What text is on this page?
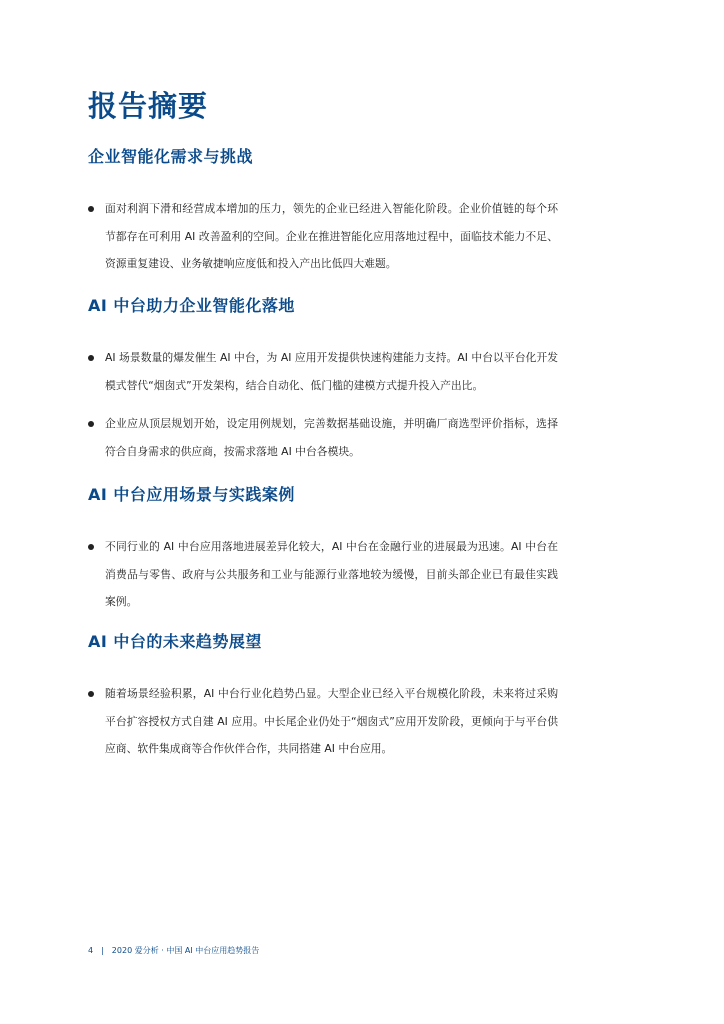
报告摘要
企业智能化需求与挑战
面对利润下滑和经营成本增加的压力，领先的企业已经进入智能化阶段。企业价值链的每个环节都存在可利用 AI 改善盈利的空间。企业在推进智能化应用落地过程中，面临技术能力不足、资源重复建设、业务敏捷响应度低和投入产出比低四大难题。
AI 中台助力企业智能化落地
AI 场景数量的爆发催生 AI 中台，为 AI 应用开发提供快速构建能力支持。AI 中台以平台化开发模式替代“烟囱式”开发架构，结合自动化、低门槛的建模方式提升投入产出比。
企业应从顶层规划开始，设定用例规划，完善数据基础设施，并明确厂商选型评价指标，选择符合自身需求的供应商，按需求落地 AI 中台各模块。
AI 中台应用场景与实践案例
不同行业的 AI 中台应用落地进展差异化较大，AI 中台在金融行业的进展最为迅速。AI 中台在消费品与零售、政府与公共服务和工业与能源行业落地较为缓慢，目前头部企业已有最佳实践案例。
AI 中台的未来趋势展望
随着场景经验积累，AI 中台行业化趋势凸显。大型企业已经入平台规模化阶段，未来将过采购平台扩容授权方式自建 AI 应用。中长尾企业仍处于“烟囱式”应用开发阶段，更倾向于与平台供应商、软件集成商等合作伙伴合作，共同搭建 AI 中台应用。
4 | 2020 爱分析 · 中国 AI 中台应用趋势报告
